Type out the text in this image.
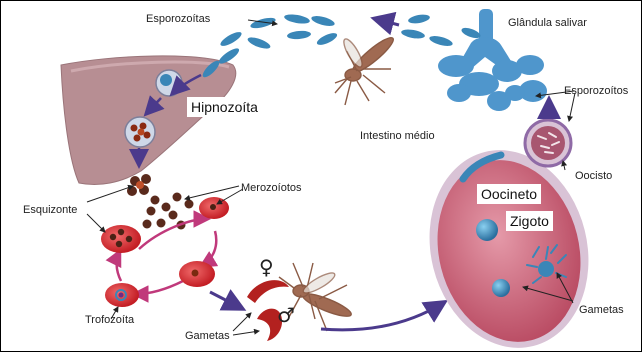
Esporozoítas	Glândula salivar
Hipnozoíta
Esporozoítos
Intestino médio
Oocisto
Merozoíotos	Oocineto
Esquizonte
Zigoto
♀
♂
Trofozoíta
Gametas
Gametas
